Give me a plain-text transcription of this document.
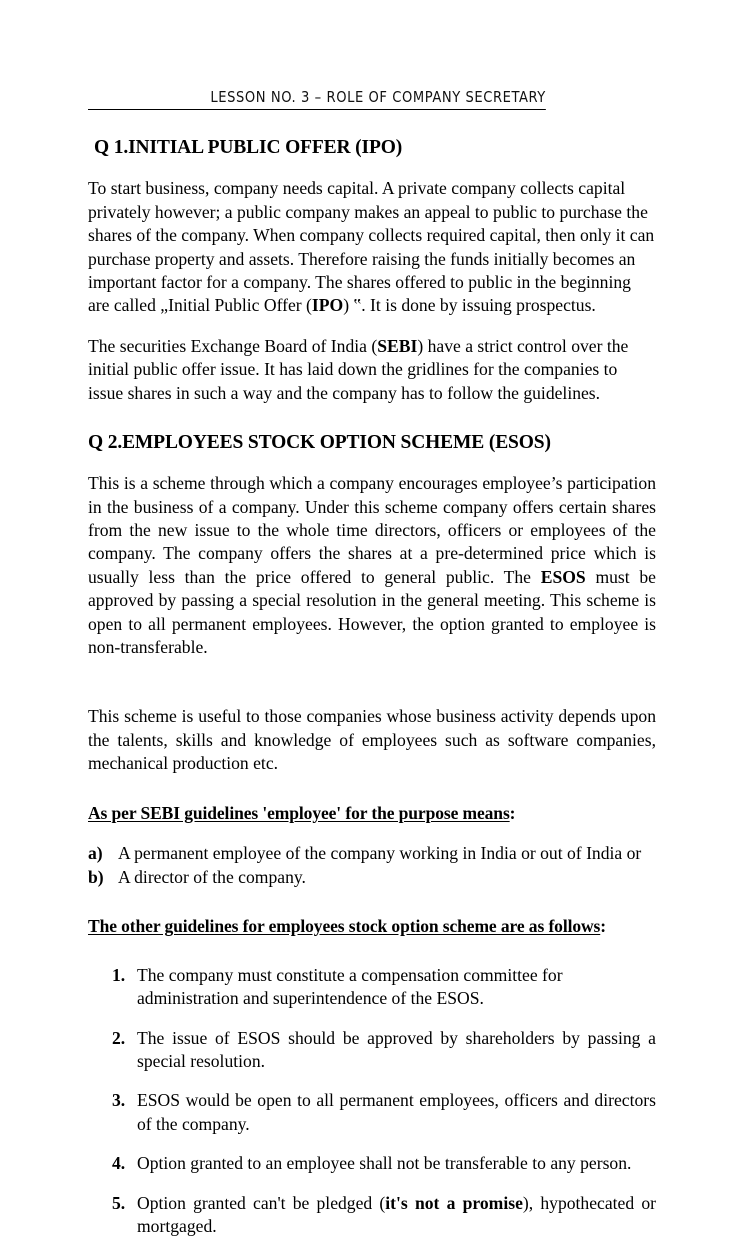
LESSON NO. 3 – ROLE OF COMPANY SECRETARY
Q 1.INITIAL PUBLIC OFFER (IPO)

To start business, company needs capital. A private company collects capital privately however; a public company makes an appeal to public to purchase the shares of the company. When company collects required capital, then only it can purchase property and assets. Therefore raising the funds initially becomes an important factor for a company. The shares offered to public in the beginning are called „Initial Public Offer (IPO) ‟. It is done by issuing prospectus.

The securities Exchange Board of India (SEBI) have a strict control over the initial public offer issue. It has laid down the gridlines for the companies to issue shares in such a way and the company has to follow the guidelines.

Q 2.EMPLOYEES STOCK OPTION SCHEME (ESOS)

This is a scheme through which a company encourages employee’s participation in the business of a company. Under this scheme company offers certain shares from the new issue to the whole time directors, officers or employees of the company. The company offers the shares at a pre-determined price which is usually less than the price offered to general public. The ESOS must be approved by passing a special resolution in the general meeting. This scheme is open to all permanent employees. However, the option granted to employee is non-transferable.

This scheme is useful to those companies whose business activity depends upon the talents, skills and knowledge of employees such as software companies, mechanical production etc.

As per SEBI guidelines 'employee' for the purpose means:
a) A permanent employee of the company working in India or out of India or
b) A director of the company.
The other guidelines for employees stock option scheme are as follows:
1. The company must constitute a compensation committee for administration and superintendence of the ESOS.
2. The issue of ESOS should be approved by shareholders by passing a special resolution.
3. ESOS would be open to all permanent employees, officers and directors of the company.
4. Option granted to an employee shall not be transferable to any person.
5. Option granted can't be pledged (it's not a promise), hypothecated or mortgaged.
